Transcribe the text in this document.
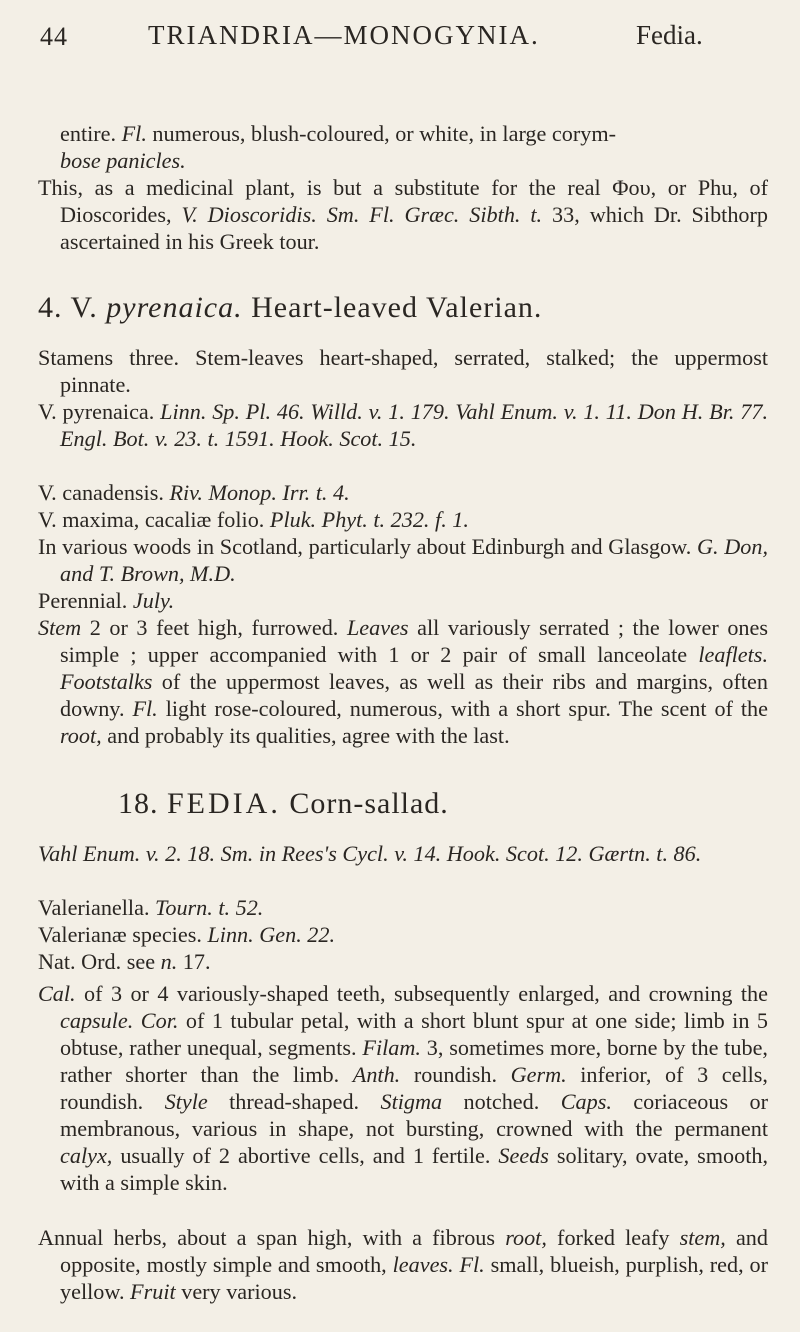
44	TRIANDRIA—MONOGYNIA.	Fedia.

entire. Fl. numerous, blush-coloured, or white, in large corym-
bose panicles.

This, as a medicinal plant, is but a substitute for the real Φου, or Phu, of Dioscorides, V. Dioscoridis. Sm. Fl. Græc. Sibth. t. 33, which Dr. Sibthorp ascertained in his Greek tour.

4. V. pyrenaica. Heart-leaved Valerian.

Stamens three. Stem-leaves heart-shaped, serrated, stalked; the uppermost pinnate.

V. pyrenaica. Linn. Sp. Pl. 46. Willd. v. 1. 179. Vahl Enum. v. 1. 11. Don H. Br. 77. Engl. Bot. v. 23. t. 1591. Hook. Scot. 15.

V. canadensis. Riv. Monop. Irr. t. 4.

V. maxima, cacaliæ folio. Pluk. Phyt. t. 232. f. 1.

In various woods in Scotland, particularly about Edinburgh and Glasgow. G. Don, and T. Brown, M.D.

Perennial. July.

Stem 2 or 3 feet high, furrowed. Leaves all variously serrated ; the lower ones simple ; upper accompanied with 1 or 2 pair of small lanceolate leaflets. Footstalks of the uppermost leaves, as well as their ribs and margins, often downy. Fl. light rose-coloured, numerous, with a short spur. The scent of the root, and probably its qualities, agree with the last.

18. FEDIA. Corn-sallad.

Vahl Enum. v. 2. 18. Sm. in Rees's Cycl. v. 14. Hook. Scot. 12. Gærtn. t. 86.

Valerianella. Tourn. t. 52.

Valerianæ species. Linn. Gen. 22.

Nat. Ord. see n. 17.

Cal. of 3 or 4 variously-shaped teeth, subsequently enlarged, and crowning the capsule. Cor. of 1 tubular petal, with a short blunt spur at one side; limb in 5 obtuse, rather unequal, segments. Filam. 3, sometimes more, borne by the tube, rather shorter than the limb. Anth. roundish. Germ. inferior, of 3 cells, roundish. Style thread-shaped. Stigma notched. Caps. coriaceous or membranous, various in shape, not bursting, crowned with the permanent calyx, usually of 2 abortive cells, and 1 fertile. Seeds solitary, ovate, smooth, with a simple skin.

Annual herbs, about a span high, with a fibrous root, forked leafy stem, and opposite, mostly simple and smooth, leaves. Fl. small, blueish, purplish, red, or yellow. Fruit very various.
